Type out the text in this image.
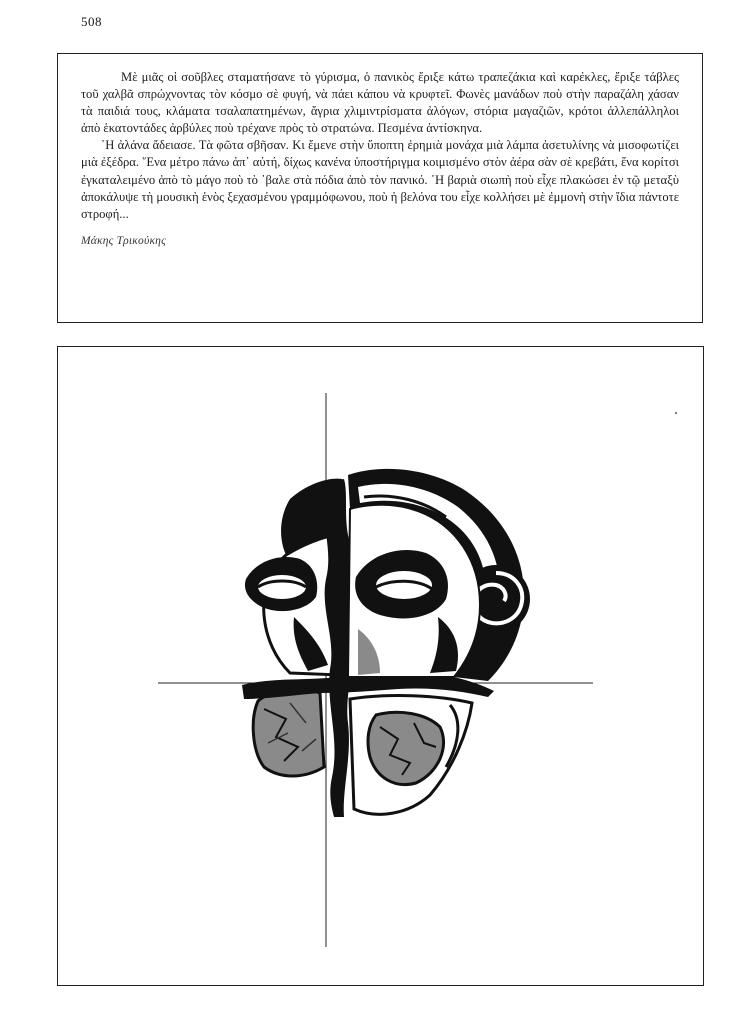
508

Μὲ μιᾶς οἱ σοῦβλες σταματήσανε τὸ γύρισμα, ὁ πανικὸς ἔριξε κάτω τραπεζάκια καὶ καρέκλες, ἔριξε τάβλες τοῦ χαλβᾶ σπρώχνοντας τὸν κόσμο σὲ φυγή, νὰ πάει κάπου νὰ κρυφτεῖ. Φωνὲς μανάδων ποὺ στὴν παραζάλη χάσαν τὰ παιδιά τους, κλάματα τσαλαπατημένων, ἄγρια χλιμιντρίσματα ἀλόγων, στόρια μαγαζιῶν, κρότοι ἀλλεπάλληλοι ἀπὸ ἑκατοντάδες ἀρβύλες ποὺ τρέχανε πρὸς τὸ στρατώνα. Πεσμένα ἀντίσκηνα.

῾Η ἀλάνα ἄδειασε. Τὰ φῶτα σβῆσαν. Κι ἔμενε στὴν ὕποπτη ἐρημιὰ μονάχα μιὰ λάμπα ἀσετυλίνης νὰ μισοφωτίζει μιὰ ἐξέδρα. ῞Ενα μέτρο πάνω ἀπ᾽ αὐτή, δίχως κανένα ὑποστήριγμα κοιμισμένο στὸν ἀέρα σὰν σὲ κρεβάτι, ἕνα κορίτσι ἐγκαταλειμένο ἀπὸ τὸ μάγο ποὺ τὸ ᾽βαλε στὰ πόδια ἀπὸ τὸν πανικό. ῾Η βαριὰ σιωπὴ ποὺ εἶχε πλακώσει ἐν τῷ μεταξὺ ἀποκάλυψε τὴ μουσικὴ ἑνὸς ξεχασμένου γραμμόφωνου, ποὺ ἡ βελόνα του εἶχε κολλήσει μὲ ἐμμονὴ στὴν ἴδια πάντοτε στροφή...

Μάκης Τρικούκης
